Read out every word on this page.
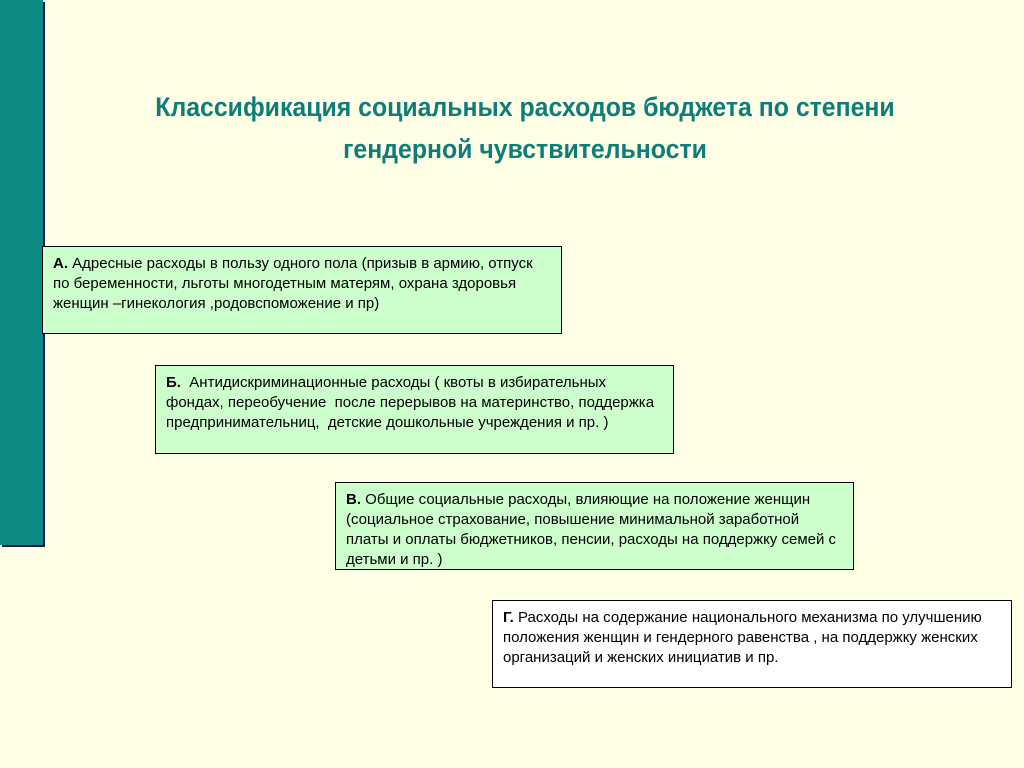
Классификация социальных расходов бюджета по степени
гендерной чувствительности
А. Адресные расходы в пользу одного пола (призыв в армию, отпуск по беременности, льготы многодетным матерям, охрана здоровья женщин –гинекология ,родовспоможение и пр)
Б.  Антидискриминационные расходы ( квоты в избирательных фондах, переобучение  после перерывов на материнство, поддержка предпринимательниц,  детские дошкольные учреждения и пр. )
В. Общие социальные расходы, влияющие на положение женщин (социальное страхование, повышение минимальной заработной платы и оплаты бюджетников, пенсии, расходы на поддержку семей с детьми и пр. )
Г. Расходы на содержание национального механизма по улучшению положения женщин и гендерного равенства , на поддержку женских организаций и женских инициатив и пр.
